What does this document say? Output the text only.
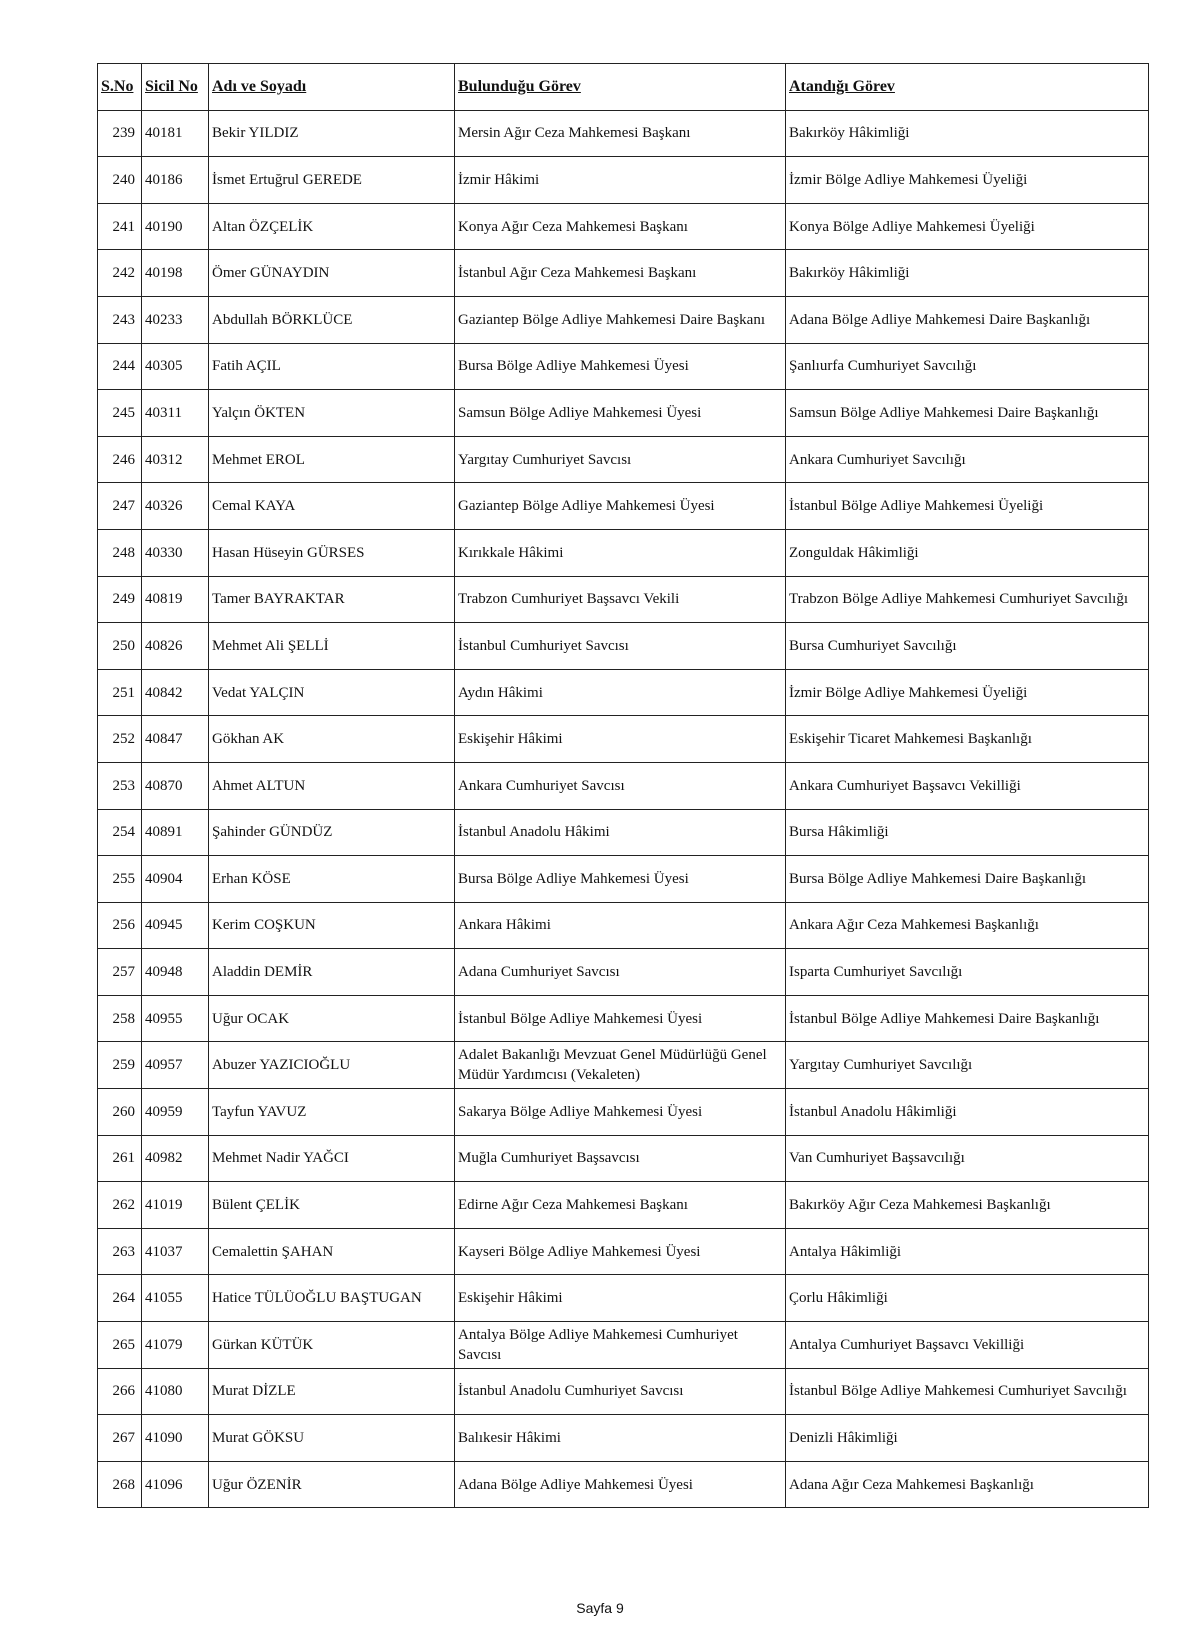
S.No	Sicil No	Adı ve Soyadı	Bulunduğu Görev	Atandığı Görev
239	40181	Bekir YILDIZ	Mersin Ağır Ceza Mahkemesi Başkanı	Bakırköy Hâkimliği
240	40186	İsmet Ertuğrul GEREDE	İzmir Hâkimi	İzmir Bölge Adliye Mahkemesi Üyeliği
241	40190	Altan ÖZÇELİK	Konya Ağır Ceza Mahkemesi Başkanı	Konya Bölge Adliye Mahkemesi Üyeliği
242	40198	Ömer GÜNAYDIN	İstanbul Ağır Ceza Mahkemesi Başkanı	Bakırköy Hâkimliği
243	40233	Abdullah BÖRKLÜCE	Gaziantep Bölge Adliye Mahkemesi Daire Başkanı	Adana Bölge Adliye Mahkemesi Daire Başkanlığı
244	40305	Fatih AÇIL	Bursa Bölge Adliye Mahkemesi Üyesi	Şanlıurfa Cumhuriyet Savcılığı
245	40311	Yalçın ÖKTEN	Samsun Bölge Adliye Mahkemesi Üyesi	Samsun Bölge Adliye Mahkemesi Daire Başkanlığı
246	40312	Mehmet EROL	Yargıtay Cumhuriyet Savcısı	Ankara Cumhuriyet Savcılığı
247	40326	Cemal KAYA	Gaziantep Bölge Adliye Mahkemesi Üyesi	İstanbul Bölge Adliye Mahkemesi Üyeliği
248	40330	Hasan Hüseyin GÜRSES	Kırıkkale Hâkimi	Zonguldak Hâkimliği
249	40819	Tamer BAYRAKTAR	Trabzon Cumhuriyet Başsavcı Vekili	Trabzon Bölge Adliye Mahkemesi Cumhuriyet Savcılığı
250	40826	Mehmet Ali ŞELLİ	İstanbul Cumhuriyet Savcısı	Bursa Cumhuriyet Savcılığı
251	40842	Vedat YALÇIN	Aydın Hâkimi	İzmir Bölge Adliye Mahkemesi Üyeliği
252	40847	Gökhan AK	Eskişehir Hâkimi	Eskişehir Ticaret Mahkemesi Başkanlığı
253	40870	Ahmet ALTUN	Ankara Cumhuriyet Savcısı	Ankara Cumhuriyet Başsavcı Vekilliği
254	40891	Şahinder GÜNDÜZ	İstanbul Anadolu Hâkimi	Bursa Hâkimliği
255	40904	Erhan KÖSE	Bursa Bölge Adliye Mahkemesi Üyesi	Bursa Bölge Adliye Mahkemesi Daire Başkanlığı
256	40945	Kerim COŞKUN	Ankara Hâkimi	Ankara Ağır Ceza Mahkemesi Başkanlığı
257	40948	Aladdin DEMİR	Adana Cumhuriyet Savcısı	Isparta Cumhuriyet Savcılığı
258	40955	Uğur OCAK	İstanbul Bölge Adliye Mahkemesi Üyesi	İstanbul Bölge Adliye Mahkemesi Daire Başkanlığı
259	40957	Abuzer YAZICIOĞLU	Adalet Bakanlığı Mevzuat Genel Müdürlüğü Genel Müdür Yardımcısı (Vekaleten)	Yargıtay Cumhuriyet Savcılığı
260	40959	Tayfun YAVUZ	Sakarya Bölge Adliye Mahkemesi Üyesi	İstanbul Anadolu Hâkimliği
261	40982	Mehmet Nadir YAĞCI	Muğla Cumhuriyet Başsavcısı	Van Cumhuriyet Başsavcılığı
262	41019	Bülent ÇELİK	Edirne Ağır Ceza Mahkemesi Başkanı	Bakırköy Ağır Ceza Mahkemesi Başkanlığı
263	41037	Cemalettin ŞAHAN	Kayseri Bölge Adliye Mahkemesi Üyesi	Antalya Hâkimliği
264	41055	Hatice TÜLÜOĞLU BAŞTUGAN	Eskişehir Hâkimi	Çorlu Hâkimliği
265	41079	Gürkan KÜTÜK	Antalya Bölge Adliye Mahkemesi Cumhuriyet Savcısı	Antalya Cumhuriyet Başsavcı Vekilliği
266	41080	Murat DİZLE	İstanbul Anadolu Cumhuriyet Savcısı	İstanbul Bölge Adliye Mahkemesi Cumhuriyet Savcılığı
267	41090	Murat GÖKSU	Balıkesir Hâkimi	Denizli Hâkimliği
268	41096	Uğur ÖZENİR	Adana Bölge Adliye Mahkemesi Üyesi	Adana Ağır Ceza Mahkemesi Başkanlığı
Sayfa 9
